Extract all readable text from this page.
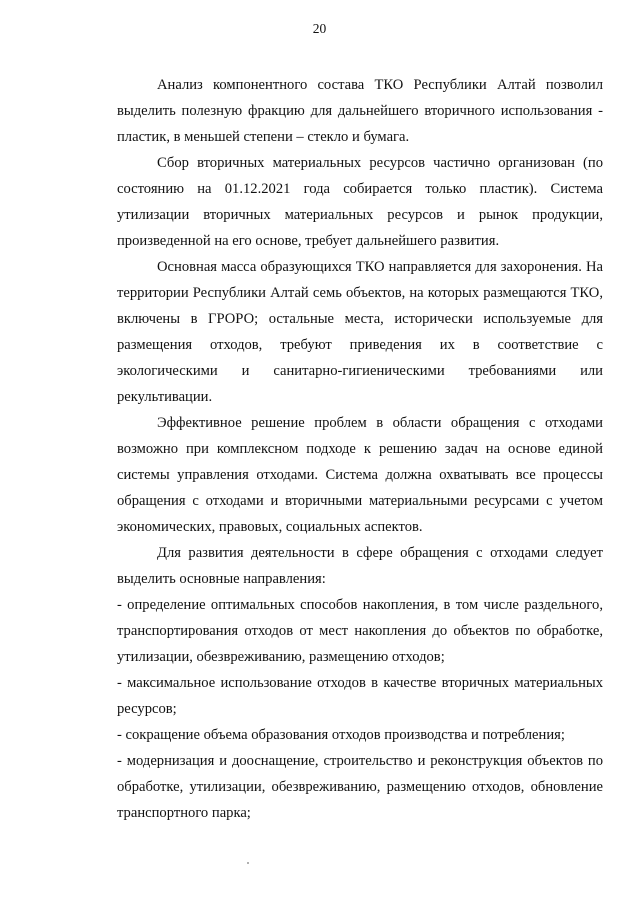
20

Анализ компонентного состава ТКО Республики Алтай позволил выделить полезную фракцию для дальнейшего вторичного использования - пластик, в меньшей степени – стекло и бумага.

Сбор вторичных материальных ресурсов частично организован (по состоянию на 01.12.2021 года собирается только пластик). Система утилизации вторичных материальных ресурсов и рынок продукции, произведенной на его основе, требует дальнейшего развития.

Основная масса образующихся ТКО направляется для захоронения. На территории Республики Алтай семь объектов, на которых размещаются ТКО, включены в ГРОРО; остальные места, исторически используемые для размещения отходов, требуют приведения их в соответствие с экологическими и санитарно-гигиеническими требованиями или рекультивации.

Эффективное решение проблем в области обращения с отходами возможно при комплексном подходе к решению задач на основе единой системы управления отходами. Система должна охватывать все процессы обращения с отходами и вторичными материальными ресурсами с учетом экономических, правовых, социальных аспектов.

Для развития деятельности в сфере обращения с отходами следует выделить основные направления:

- определение оптимальных способов накопления, в том числе раздельного, транспортирования отходов от мест накопления до объектов по обработке, утилизации, обезвреживанию, размещению отходов;

- максимальное использование отходов в качестве вторичных материальных ресурсов;

- сокращение объема образования отходов производства и потребления;

- модернизация и дооснащение, строительство и реконструкция объектов по обработке, утилизации, обезвреживанию, размещению отходов, обновление транспортного парка;
